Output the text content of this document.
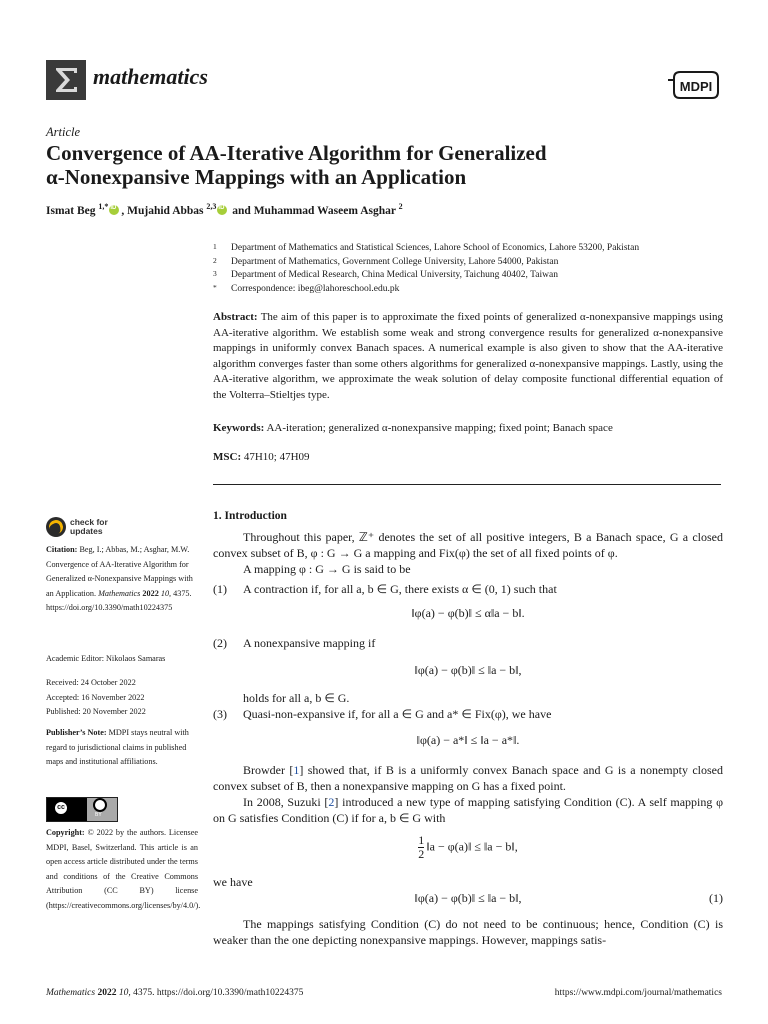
mathematics	MDPI
Article
Convergence of AA-Iterative Algorithm for Generalized
α-Nonexpansive Mappings with an Application
Ismat Beg $^{1,*}$ iD , Mujahid Abbas $^{2,3}$ iD and Muhammad Waseem Asghar $^2$
1 Department of Mathematics and Statistical Sciences, Lahore School of Economics, Lahore 53200, Pakistan
2 Department of Mathematics, Government College University, Lahore 54000, Pakistan
3 Department of Medical Research, China Medical University, Taichung 40402, Taiwan
* Correspondence: ibeg@lahoreschool.edu.pk
Abstract: The aim of this paper is to approximate the fixed points of generalized α-nonexpansive mappings using AA-iterative algorithm. We establish some weak and strong convergence results for generalized α-nonexpansive mappings in uniformly convex Banach spaces. A numerical example is also given to show that the AA-iterative algorithm converges faster than some others algorithms for generalized α-nonexpansive mappings. Lastly, using the AA-iterative algorithm, we approximate the weak solution of delay composite functional differential equation of the Volterra–Stieltjes type.
Keywords: AA-iteration; generalized α-nonexpansive mapping; fixed point; Banach space
MSC: 47H10; 47H09
check for
updates
Citation: Beg, I.; Abbas, M.; Asghar, M.W. Convergence of AA-Iterative Algorithm for Generalized α-Nonexpansive Mappings with an Application. Mathematics 2022 10, 4375. https://doi.org/10.3390/math10224375
Academic Editor: Nikolaos Samaras
Received: 24 October 2022
Accepted: 16 November 2022
Published: 20 November 2022
Publisher’s Note: MDPI stays neutral with regard to jurisdictional claims in published maps and institutional affiliations.
cc
BY
Copyright: © 2022 by the authors. Licensee MDPI, Basel, Switzerland. This article is an open access article distributed under the terms and conditions of the Creative Commons Attribution (CC BY) license (https://creativecommons.org/licenses/by/4.0/).
1. Introduction
Throughout this paper, ℤ⁺ denotes the set of all positive integers, B a Banach space, G a closed convex subset of B, φ : G → G a mapping and Fix(φ) the set of all fixed points of φ.
A mapping φ : G → G is said to be
(1) A contraction if, for all a, b ∈ G, there exists α ∈ (0, 1) such that
‖φ(a) − φ(b)‖ ≤ α‖a − b‖.
(2) A nonexpansive mapping if
‖φ(a) − φ(b)‖ ≤ ‖a − b‖,
holds for all a, b ∈ G.
(3) Quasi-non-expansive if, for all a ∈ G and a* ∈ Fix(φ), we have
‖φ(a) − a*‖ ≤ ‖a − a*‖.
Browder [1] showed that, if B is a uniformly convex Banach space and G is a nonempty closed convex subset of B, then a nonexpansive mapping on G has a fixed point.
In 2008, Suzuki [2] introduced a new type of mapping satisfying Condition (C). A self mapping φ on G satisfies Condition (C) if for a, b ∈ G with
$\frac{1}{2}$ ‖a − φ(a)‖ ≤ ‖a − b‖,
we have
‖φ(a) − φ(b)‖ ≤ ‖a − b‖,	(1)
The mappings satisfying Condition (C) do not need to be continuous; hence, Condition (C) is weaker than the one depicting nonexpansive mappings. However, mappings satis-
Mathematics 2022 10, 4375. https://doi.org/10.3390/math10224375	https://www.mdpi.com/journal/mathematics
